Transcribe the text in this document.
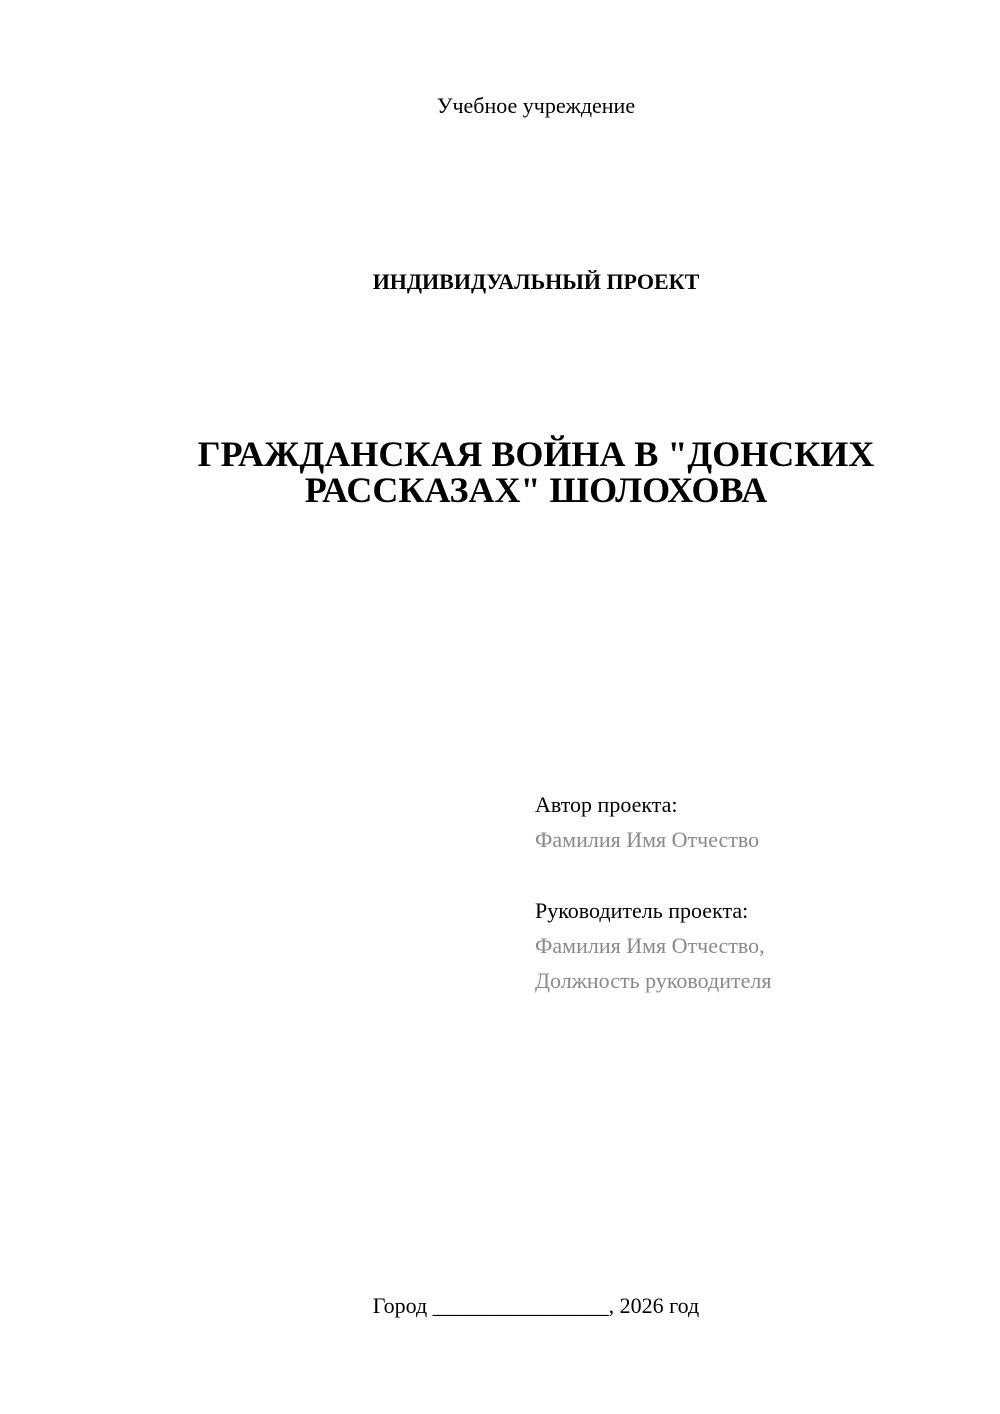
Учебное учреждение
ИНДИВИДУАЛЬНЫЙ ПРОЕКТ
ГРАЖДАНСКАЯ ВОЙНА В "ДОНСКИХ
РАССКАЗАХ" ШОЛОХОВА
Автор проекта:
Фамилия Имя Отчество
Руководитель проекта:
Фамилия Имя Отчество,
Должность руководителя
Город ________________, 2026 год
